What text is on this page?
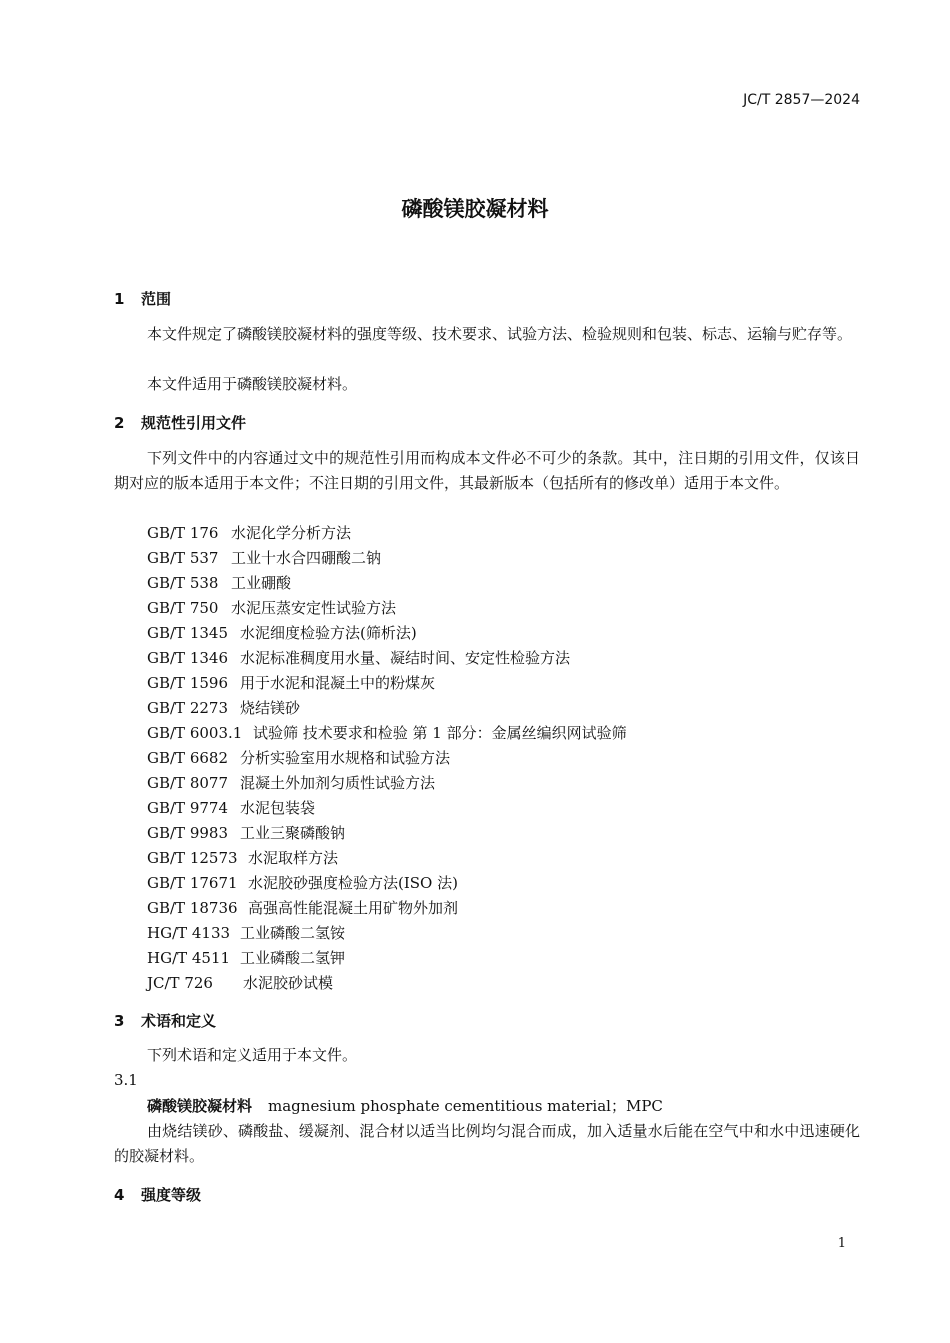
JC/T 2857—2024
磷酸镁胶凝材料
1 范围
本文件规定了磷酸镁胶凝材料的强度等级、技术要求、试验方法、检验规则和包装、标志、运输与贮存等。
本文件适用于磷酸镁胶凝材料。
2 规范性引用文件
下列文件中的内容通过文中的规范性引用而构成本文件必不可少的条款。其中，注日期的引用文件，仅该日期对应的版本适用于本文件；不注日期的引用文件，其最新版本（包括所有的修改单）适用于本文件。
GB/T 176 水泥化学分析方法
GB/T 537 工业十水合四硼酸二钠
GB/T 538 工业硼酸
GB/T 750 水泥压蒸安定性试验方法
GB/T 1345 水泥细度检验方法(筛析法)
GB/T 1346 水泥标准稠度用水量、凝结时间、安定性检验方法
GB/T 1596 用于水泥和混凝土中的粉煤灰
GB/T 2273 烧结镁砂
GB/T 6003.1 试验筛 技术要求和检验 第 1 部分：金属丝编织网试验筛
GB/T 6682 分析实验室用水规格和试验方法
GB/T 8077 混凝土外加剂匀质性试验方法
GB/T 9774 水泥包装袋
GB/T 9983 工业三聚磷酸钠
GB/T 12573 水泥取样方法
GB/T 17671 水泥胶砂强度检验方法(ISO 法)
GB/T 18736 高强高性能混凝土用矿物外加剂
HG/T 4133 工业磷酸二氢铵
HG/T 4511 工业磷酸二氢钾
JC/T 726 水泥胶砂试模
3 术语和定义
下列术语和定义适用于本文件。
3.1
磷酸镁胶凝材料 magnesium phosphate cementitious material；MPC
由烧结镁砂、磷酸盐、缓凝剂、混合材以适当比例均匀混合而成，加入适量水后能在空气中和水中迅速硬化的胶凝材料。
4 强度等级
1
